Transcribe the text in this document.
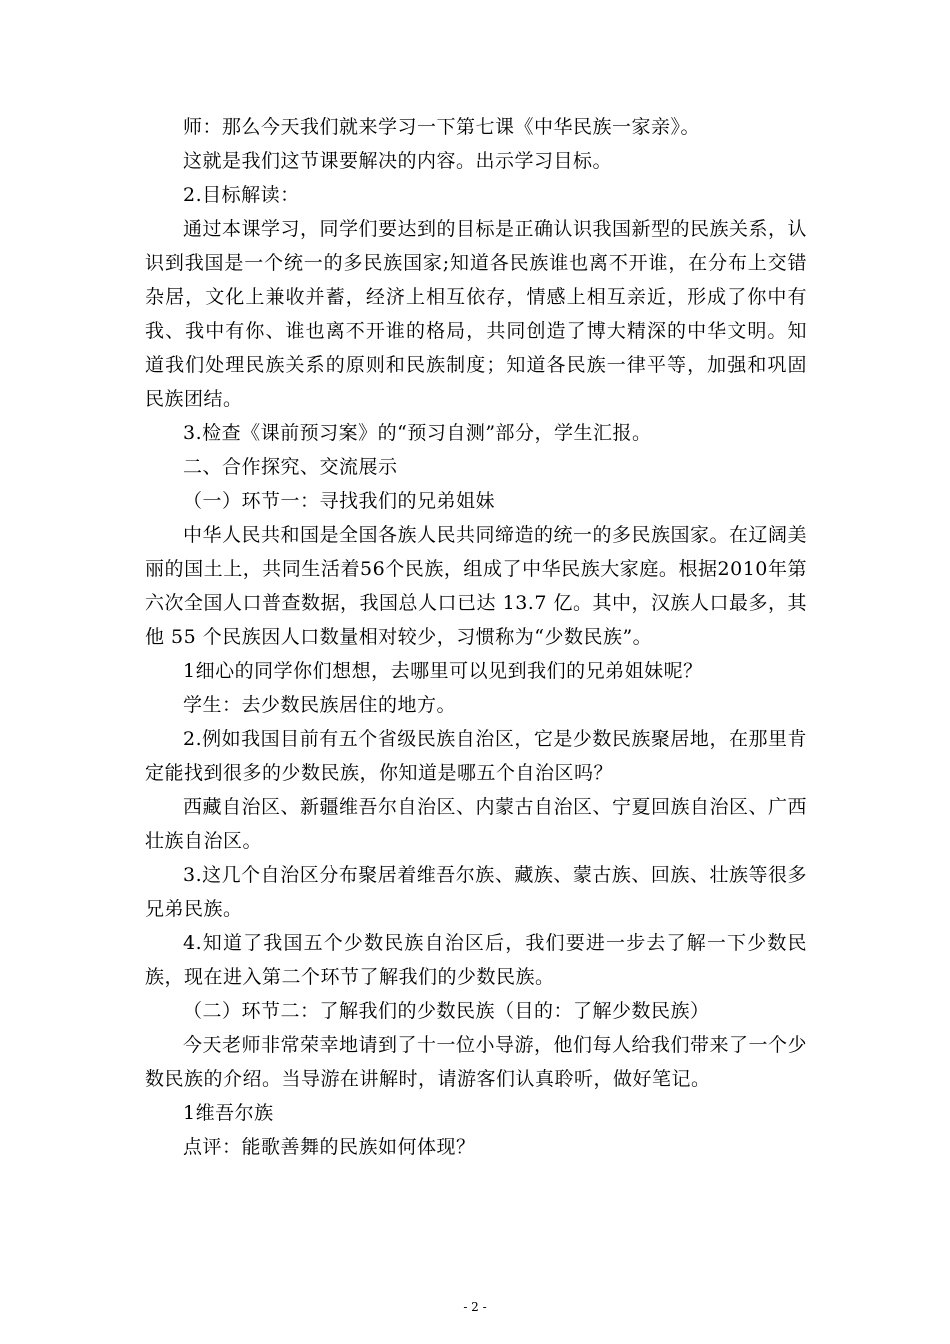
师：那么今天我们就来学习一下第七课《中华民族一家亲》。

这就是我们这节课要解决的内容。出示学习目标。

2.目标解读：

通过本课学习，同学们要达到的目标是正确认识我国新型的民族关系，认识到我国是一个统一的多民族国家;知道各民族谁也离不开谁，在分布上交错杂居，文化上兼收并蓄，经济上相互依存，情感上相互亲近，形成了你中有我、我中有你、谁也离不开谁的格局，共同创造了博大精深的中华文明。知道我们处理民族关系的原则和民族制度；知道各民族一律平等，加强和巩固民族团结。

3.检查《课前预习案》的“预习自测”部分，学生汇报。

二、合作探究、交流展示

（一）环节一：寻找我们的兄弟姐妹

中华人民共和国是全国各族人民共同缔造的统一的多民族国家。在辽阔美丽的国土上，共同生活着56个民族，组成了中华民族大家庭。根据2010年第六次全国人口普查数据，我国总人口已达 13.7 亿。其中，汉族人口最多，其他 55 个民族因人口数量相对较少，习惯称为“少数民族”。

1细心的同学你们想想，去哪里可以见到我们的兄弟姐妹呢？

学生：去少数民族居住的地方。

2.例如我国目前有五个省级民族自治区，它是少数民族聚居地，在那里肯定能找到很多的少数民族，你知道是哪五个自治区吗？

西藏自治区、新疆维吾尔自治区、内蒙古自治区、宁夏回族自治区、广西壮族自治区。

3.这几个自治区分布聚居着维吾尔族、藏族、蒙古族、回族、壮族等很多兄弟民族。

4.知道了我国五个少数民族自治区后，我们要进一步去了解一下少数民族，现在进入第二个环节了解我们的少数民族。

（二）环节二：了解我们的少数民族（目的：了解少数民族）

今天老师非常荣幸地请到了十一位小导游，他们每人给我们带来了一个少数民族的介绍。当导游在讲解时，请游客们认真聆听，做好笔记。

1维吾尔族

点评：能歌善舞的民族如何体现？

- 2 -
